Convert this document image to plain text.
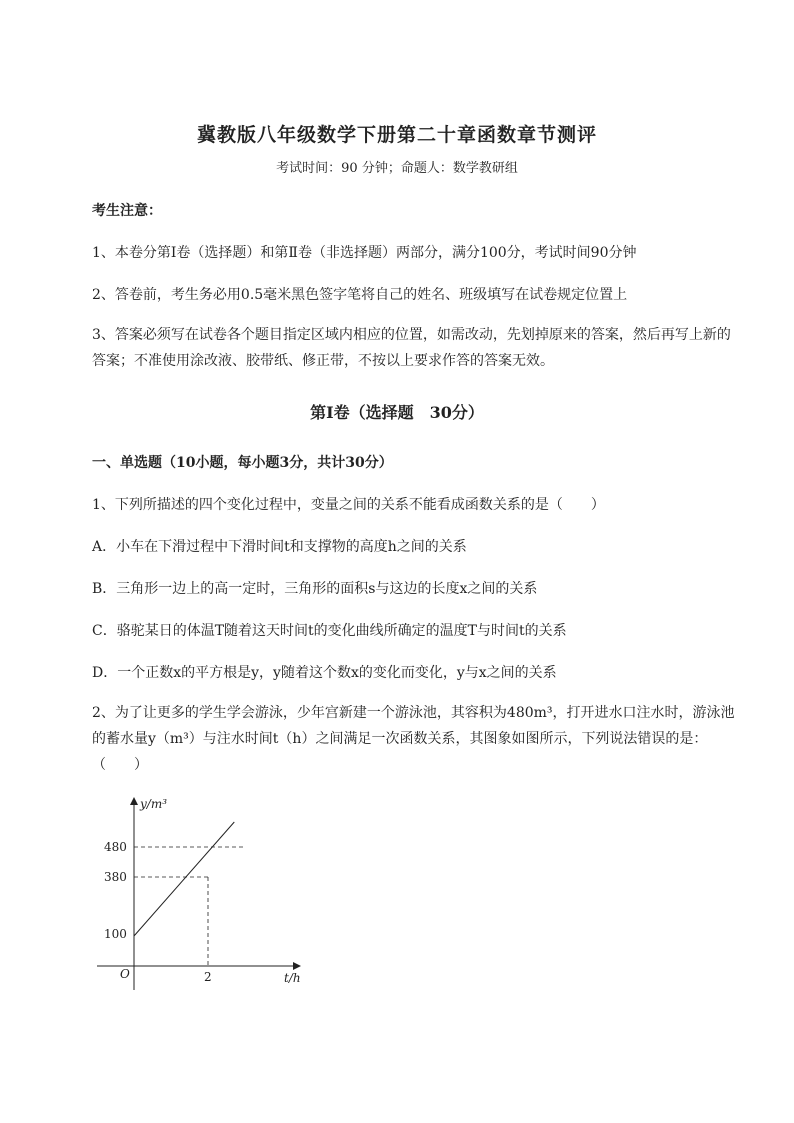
冀教版八年级数学下册第二十章函数章节测评
考试时间：90 分钟；命题人：数学教研组
考生注意：
1、本卷分第Ⅰ卷（选择题）和第Ⅱ卷（非选择题）两部分，满分100分，考试时间90分钟
2、答卷前，考生务必用0.5毫米黑色签字笔将自己的姓名、班级填写在试卷规定位置上
3、答案必须写在试卷各个题目指定区域内相应的位置，如需改动，先划掉原来的答案，然后再写上新的答案；不准使用涂改液、胶带纸、修正带，不按以上要求作答的答案无效。
第Ⅰ卷（选择题　30分）
一、单选题（10小题，每小题3分，共计30分）
1、下列所描述的四个变化过程中，变量之间的关系不能看成函数关系的是（　　）
A．小车在下滑过程中下滑时间t和支撑物的高度h之间的关系
B．三角形一边上的高一定时，三角形的面积s与这边的长度x之间的关系
C．骆驼某日的体温T随着这天时间t的变化曲线所确定的温度T与时间t的关系
D．一个正数x的平方根是y，y随着这个数x的变化而变化，y与x之间的关系
2、为了让更多的学生学会游泳，少年宫新建一个游泳池，其容积为480m³，打开进水口注水时，游泳池的蓄水量y（m³）与注水时间t（h）之间满足一次函数关系，其图象如图所示，下列说法错误的是：（　　）
y/m³
t/h
O
480
380
100
2
